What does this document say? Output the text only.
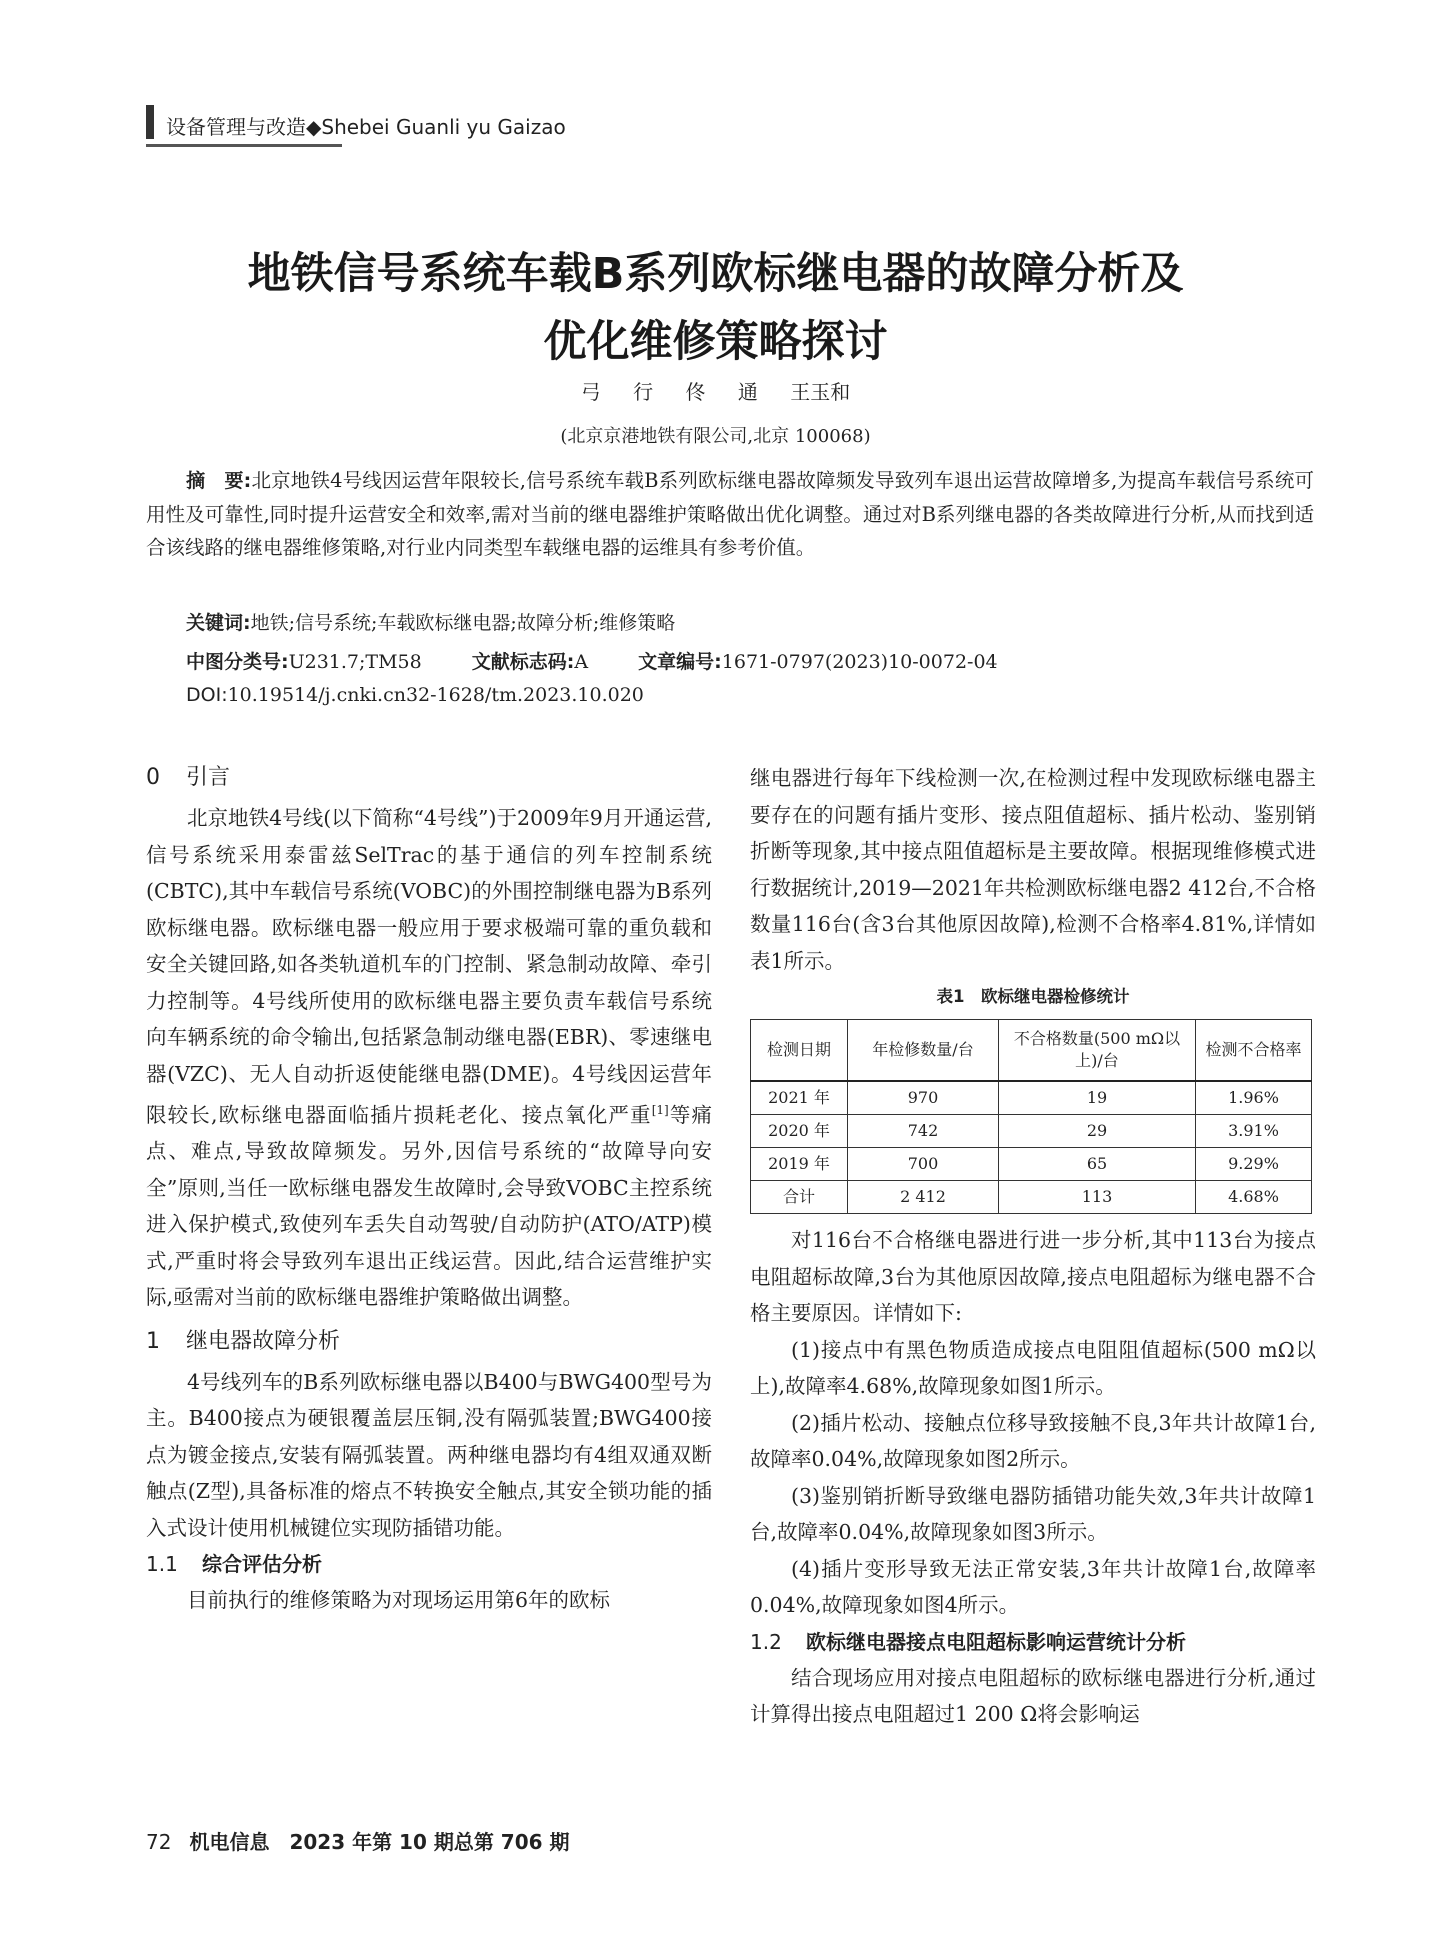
设备管理与改造◆Shebei Guanli yu Gaizao
地铁信号系统车载B系列欧标继电器的故障分析及
优化维修策略探讨
弓 行 佟 通 王玉和
(北京京港地铁有限公司,北京 100068)
摘　要:北京地铁4号线因运营年限较长,信号系统车载B系列欧标继电器故障频发导致列车退出运营故障增多,为提高车载信号系统可用性及可靠性,同时提升运营安全和效率,需对当前的继电器维护策略做出优化调整。通过对B系列继电器的各类故障进行分析,从而找到适合该线路的继电器维修策略,对行业内同类型车载继电器的运维具有参考价值。
关键词:地铁;信号系统;车载欧标继电器;故障分析;维修策略
中图分类号:U231.7;TM58	文献标志码:A	文章编号:1671-0797(2023)10-0072-04
DOI:10.19514/j.cnki.cn32-1628/tm.2023.10.020
0 引言

北京地铁4号线(以下简称“4号线”)于2009年9月开通运营,信号系统采用泰雷兹SelTrac的基于通信的列车控制系统(CBTC),其中车载信号系统(VOBC)的外围控制继电器为B系列欧标继电器。欧标继电器一般应用于要求极端可靠的重负载和安全关键回路,如各类轨道机车的门控制、紧急制动故障、牵引力控制等。4号线所使用的欧标继电器主要负责车载信号系统向车辆系统的命令输出,包括紧急制动继电器(EBR)、零速继电器(VZC)、无人自动折返使能继电器(DME)。4号线因运营年限较长,欧标继电器面临插片损耗老化、接点氧化严重[1]等痛点、难点,导致故障频发。另外,因信号系统的“故障导向安全”原则,当任一欧标继电器发生故障时,会导致VOBC主控系统进入保护模式,致使列车丢失自动驾驶/自动防护(ATO/ATP)模式,严重时将会导致列车退出正线运营。因此,结合运营维护实际,亟需对当前的欧标继电器维护策略做出调整。

1 继电器故障分析

4号线列车的B系列欧标继电器以B400与BWG400型号为主。B400接点为硬银覆盖层压铜,没有隔弧装置;BWG400接点为镀金接点,安装有隔弧装置。两种继电器均有4组双通双断触点(Z型),具备标准的熔点不转换安全触点,其安全锁功能的插入式设计使用机械键位实现防插错功能。

1.1 综合评估分析

目前执行的维修策略为对现场运用第6年的欧标

继电器进行每年下线检测一次,在检测过程中发现欧标继电器主要存在的问题有插片变形、接点阻值超标、插片松动、鉴别销折断等现象,其中接点阻值超标是主要故障。根据现维修模式进行数据统计,2019—2021年共检测欧标继电器2 412台,不合格数量116台(含3台其他原因故障),检测不合格率4.81%,详情如表1所示。

表1　欧标继电器检修统计
检测日期	年检修数量/台	不合格数量(500 mΩ以上)/台	检测不合格率
2021 年	970	19	1.96%
2020 年	742	29	3.91%
2019 年	700	65	9.29%
合计	2 412	113	4.68%

对116台不合格继电器进行进一步分析,其中113台为接点电阻超标故障,3台为其他原因故障,接点电阻超标为继电器不合格主要原因。详情如下:

(1)接点中有黑色物质造成接点电阻阻值超标(500 mΩ以上),故障率4.68%,故障现象如图1所示。

(2)插片松动、接触点位移导致接触不良,3年共计故障1台,故障率0.04%,故障现象如图2所示。

(3)鉴别销折断导致继电器防插错功能失效,3年共计故障1台,故障率0.04%,故障现象如图3所示。

(4)插片变形导致无法正常安装,3年共计故障1台,故障率0.04%,故障现象如图4所示。

1.2 欧标继电器接点电阻超标影响运营统计分析

结合现场应用对接点电阻超标的欧标继电器进行分析,通过计算得出接点电阻超过1 200 Ω将会影响运

72 机电信息　2023 年第 10 期总第 706 期
